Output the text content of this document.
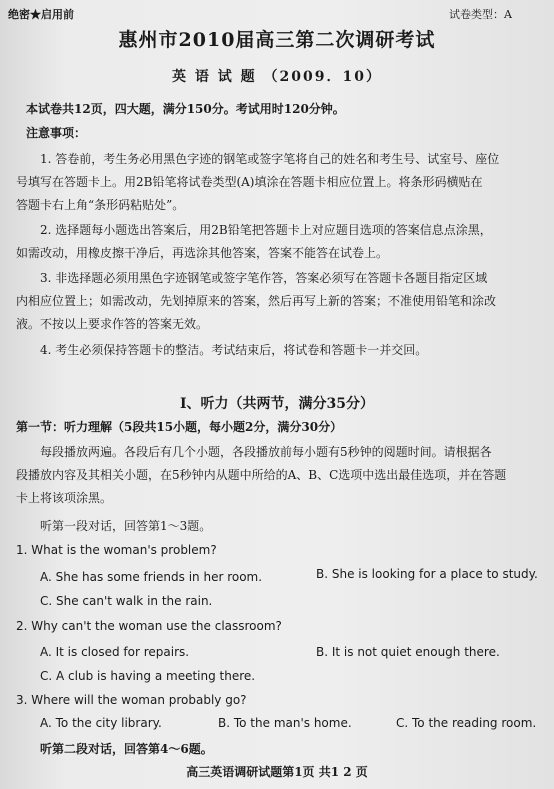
绝密★启用前	试卷类型：A
惠州市2010届高三第二次调研考试
英 语 试 题 （2009．10）
本试卷共12页，四大题，满分150分。考试用时120分钟。
注意事项：
1. 答卷前，考生务必用黑色字迹的钢笔或签字笔将自己的姓名和考生号、试室号、座位
号填写在答题卡上。用2B铅笔将试卷类型(A)填涂在答题卡相应位置上。将条形码横贴在
答题卡右上角“条形码粘贴处”。
2. 选择题每小题选出答案后，用2B铅笔把答题卡上对应题目选项的答案信息点涂黑，
如需改动，用橡皮擦干净后，再选涂其他答案，答案不能答在试卷上。
3. 非选择题必须用黑色字迹钢笔或签字笔作答，答案必须写在答题卡各题目指定区域
内相应位置上；如需改动，先划掉原来的答案，然后再写上新的答案；不准使用铅笔和涂改
液。不按以上要求作答的答案无效。
4. 考生必须保持答题卡的整洁。考试结束后，将试卷和答题卡一并交回。
Ⅰ、听力（共两节，满分35分）
第一节：听力理解（5段共15小题，每小题2分，满分30分）
每段播放两遍。各段后有几个小题，各段播放前每小题有5秒钟的阅题时间。请根据各
段播放内容及其相关小题，在5秒钟内从题中所给的A、B、C选项中选出最佳选项，并在答题
卡上将该项涂黑。
听第一段对话，回答第1～3题。
1. What is the woman's problem?
A. She has some friends in her room.	B. She is looking for a place to study.
C. She can't walk in the rain.
2. Why can't the woman use the classroom?
A. It is closed for repairs.	B. It is not quiet enough there.
C. A club is having a meeting there.
3. Where will the woman probably go?
A. To the city library.	B. To the man's home.	C. To the reading room.
听第二段对话，回答第4～6题。
高三英语调研试题第1页 共1 2 页
